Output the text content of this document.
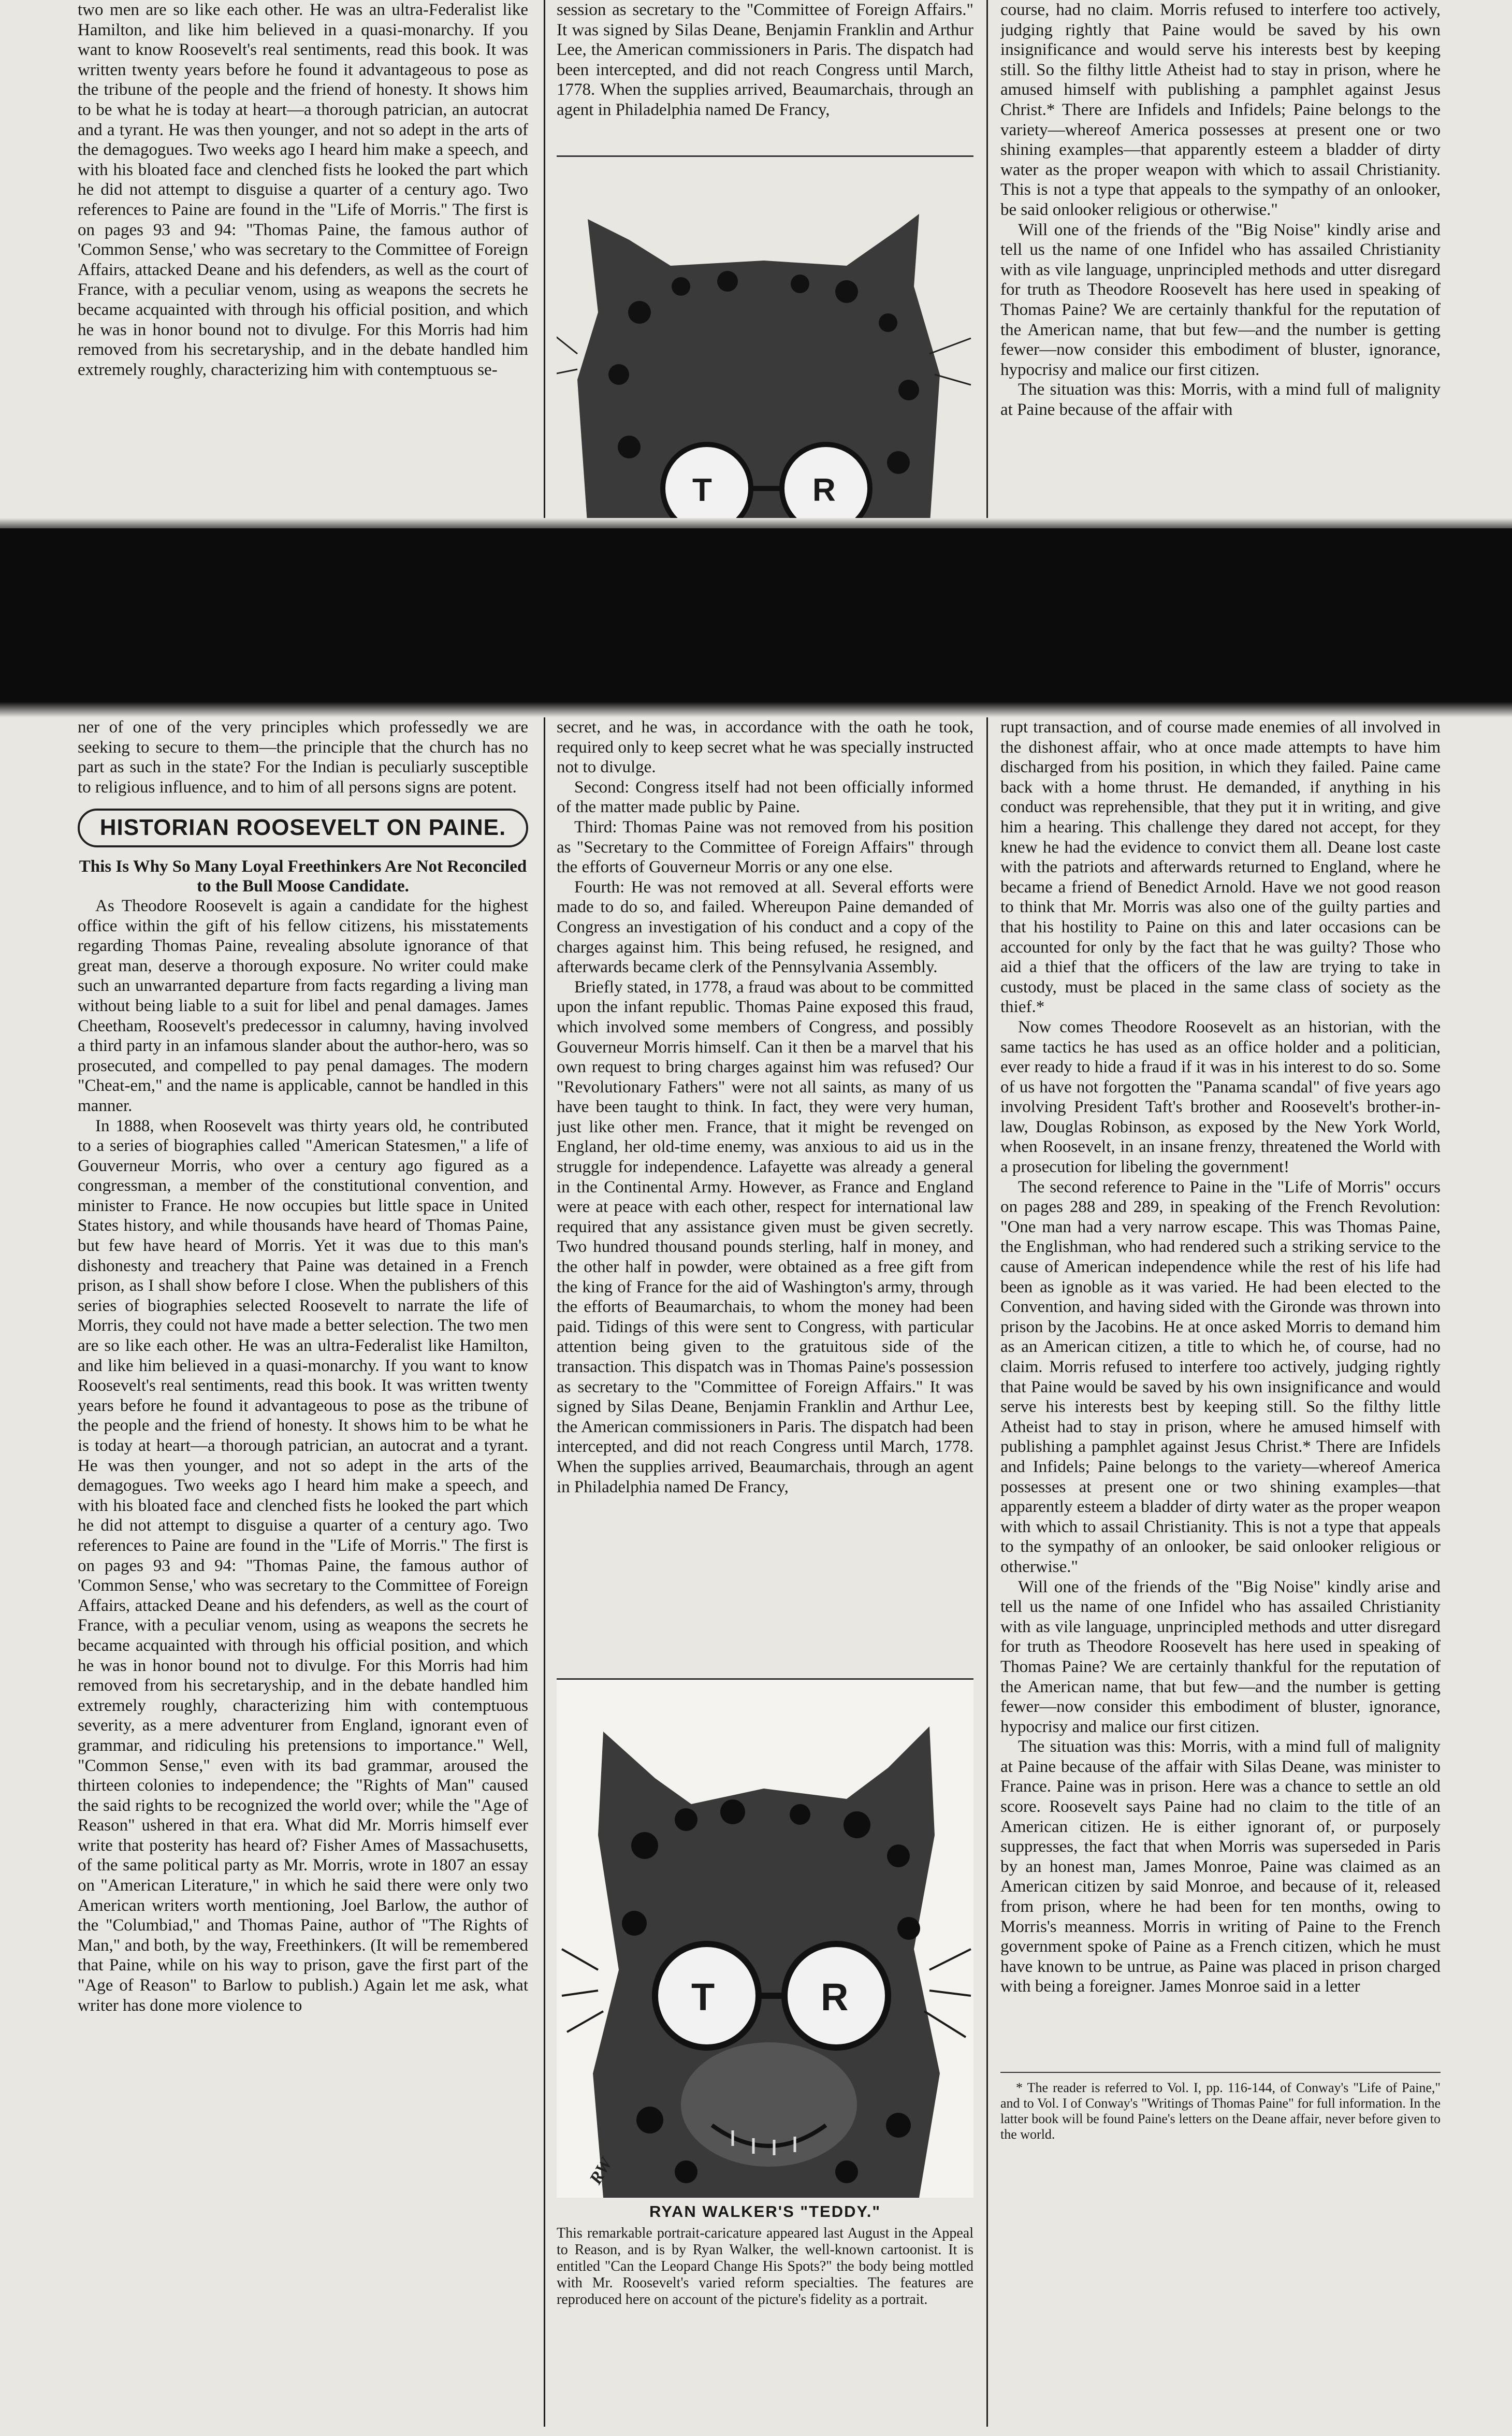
two men are so like each other. He was an ultra-Federalist like Hamilton, and like him believed in a quasi-monarchy. If you want to know Roosevelt's real sentiments, read this book. It was written twenty years before he found it advantageous to pose as the tribune of the people and the friend of honesty. It shows him to be what he is today at heart—a thorough patrician, an autocrat and a tyrant. He was then younger, and not so adept in the arts of the demagogues. Two weeks ago I heard him make a speech, and with his bloated face and clenched fists he looked the part which he did not attempt to disguise a quarter of a century ago. Two references to Paine are found in the "Life of Morris." The first is on pages 93 and 94: "Thomas Paine, the famous author of 'Common Sense,' who was secretary to the Committee of Foreign Affairs, attacked Deane and his defenders, as well as the court of France, with a peculiar venom, using as weapons the secrets he became acquainted with through his official position, and which he was in honor bound not to divulge. For this Morris had him removed from his secretaryship, and in the debate handled him extremely roughly, characterizing him with contemptuous se-

session as secretary to the "Committee of Foreign Affairs." It was signed by Silas Deane, Benjamin Franklin and Arthur Lee, the American commissioners in Paris. The dispatch had been intercepted, and did not reach Congress until March, 1778. When the supplies arrived, Beaumarchais, through an agent in Philadelphia named De Francy,

course, had no claim. Morris refused to interfere too actively, judging rightly that Paine would be saved by his own insignificance and would serve his interests best by keeping still. So the filthy little Atheist had to stay in prison, where he amused himself with publishing a pamphlet against Jesus Christ.* There are Infidels and Infidels; Paine belongs to the variety—whereof America possesses at present one or two shining examples—that apparently esteem a bladder of dirty water as the proper weapon with which to assail Christianity. This is not a type that appeals to the sympathy of an onlooker, be said onlooker religious or otherwise."

Will one of the friends of the "Big Noise" kindly arise and tell us the name of one Infidel who has assailed Christianity with as vile language, unprincipled methods and utter disregard for truth as Theodore Roosevelt has here used in speaking of Thomas Paine? We are certainly thankful for the reputation of the American name, that but few—and the number is getting fewer—now consider this embodiment of bluster, ignorance, hypocrisy and malice our first citizen.

The situation was this: Morris, with a mind full of malignity at Paine because of the affair with

T	R

ner of one of the very principles which professedly we are seeking to secure to them—the principle that the church has no part as such in the state? For the Indian is peculiarly susceptible to religious influence, and to him of all persons signs are potent.

HISTORIAN ROOSEVELT ON PAINE.

This Is Why So Many Loyal Freethinkers Are Not Reconciled to the Bull Moose Candidate.

As Theodore Roosevelt is again a candidate for the highest office within the gift of his fellow citizens, his misstatements regarding Thomas Paine, revealing absolute ignorance of that great man, deserve a thorough exposure. No writer could make such an unwarranted departure from facts regarding a living man without being liable to a suit for libel and penal damages. James Cheetham, Roosevelt's predecessor in calumny, having involved a third party in an infamous slander about the author-hero, was so prosecuted, and compelled to pay penal damages. The modern "Cheat-em," and the name is applicable, cannot be handled in this manner.

In 1888, when Roosevelt was thirty years old, he contributed to a series of biographies called "American Statesmen," a life of Gouverneur Morris, who over a century ago figured as a congressman, a member of the constitutional convention, and minister to France. He now occupies but little space in United States history, and while thousands have heard of Thomas Paine, but few have heard of Morris. Yet it was due to this man's dishonesty and treachery that Paine was detained in a French prison, as I shall show before I close. When the publishers of this series of biographies selected Roosevelt to narrate the life of Morris, they could not have made a better selection. The two men are so like each other. He was an ultra-Federalist like Hamilton, and like him believed in a quasi-monarchy. If you want to know Roosevelt's real sentiments, read this book. It was written twenty years before he found it advantageous to pose as the tribune of the people and the friend of honesty. It shows him to be what he is today at heart—a thorough patrician, an autocrat and a tyrant. He was then younger, and not so adept in the arts of the demagogues. Two weeks ago I heard him make a speech, and with his bloated face and clenched fists he looked the part which he did not attempt to disguise a quarter of a century ago. Two references to Paine are found in the "Life of Morris." The first is on pages 93 and 94: "Thomas Paine, the famous author of 'Common Sense,' who was secretary to the Committee of Foreign Affairs, attacked Deane and his defenders, as well as the court of France, with a peculiar venom, using as weapons the secrets he became acquainted with through his official position, and which he was in honor bound not to divulge. For this Morris had him removed from his secretaryship, and in the debate handled him extremely roughly, characterizing him with contemptuous severity, as a mere adventurer from England, ignorant even of grammar, and ridiculing his pretensions to importance." Well, "Common Sense," even with its bad grammar, aroused the thirteen colonies to independence; the "Rights of Man" caused the said rights to be recognized the world over; while the "Age of Reason" ushered in that era. What did Mr. Morris himself ever write that posterity has heard of? Fisher Ames of Massachusetts, of the same political party as Mr. Morris, wrote in 1807 an essay on "American Literature," in which he said there were only two American writers worth mentioning, Joel Barlow, the author of the "Columbiad," and Thomas Paine, author of "The Rights of Man," and both, by the way, Freethinkers. (It will be remembered that Paine, while on his way to prison, gave the first part of the "Age of Reason" to Barlow to publish.) Again let me ask, what writer has done more violence to

secret, and he was, in accordance with the oath he took, required only to keep secret what he was specially instructed not to divulge.

Second: Congress itself had not been officially informed of the matter made public by Paine.

Third: Thomas Paine was not removed from his position as "Secretary to the Committee of Foreign Affairs" through the efforts of Gouverneur Morris or any one else.

Fourth: He was not removed at all. Several efforts were made to do so, and failed. Whereupon Paine demanded of Congress an investigation of his conduct and a copy of the charges against him. This being refused, he resigned, and afterwards became clerk of the Pennsylvania Assembly.

Briefly stated, in 1778, a fraud was about to be committed upon the infant republic. Thomas Paine exposed this fraud, which involved some members of Congress, and possibly Gouverneur Morris himself. Can it then be a marvel that his own request to bring charges against him was refused? Our "Revolutionary Fathers" were not all saints, as many of us have been taught to think. In fact, they were very human, just like other men. France, that it might be revenged on England, her old-time enemy, was anxious to aid us in the struggle for independence. Lafayette was already a general in the Continental Army. However, as France and England were at peace with each other, respect for international law required that any assistance given must be given secretly. Two hundred thousand pounds sterling, half in money, and the other half in powder, were obtained as a free gift from the king of France for the aid of Washington's army, through the efforts of Beaumarchais, to whom the money had been paid. Tidings of this were sent to Congress, with particular attention being given to the gratuitous side of the transaction. This dispatch was in Thomas Paine's possession as secretary to the "Committee of Foreign Affairs." It was signed by Silas Deane, Benjamin Franklin and Arthur Lee, the American commissioners in Paris. The dispatch had been intercepted, and did not reach Congress until March, 1778. When the supplies arrived, Beaumarchais, through an agent in Philadelphia named De Francy,

T	R
RW
RYAN WALKER'S "TEDDY."
This remarkable portrait-caricature appeared last August in the Appeal to Reason, and is by Ryan Walker, the well-known cartoonist. It is entitled "Can the Leopard Change His Spots?" the body being mottled with Mr. Roosevelt's varied reform specialties. The features are reproduced here on account of the picture's fidelity as a portrait.

rupt transaction, and of course made enemies of all involved in the dishonest affair, who at once made attempts to have him discharged from his position, in which they failed. Paine came back with a home thrust. He demanded, if anything in his conduct was reprehensible, that they put it in writing, and give him a hearing. This challenge they dared not accept, for they knew he had the evidence to convict them all. Deane lost caste with the patriots and afterwards returned to England, where he became a friend of Benedict Arnold. Have we not good reason to think that Mr. Morris was also one of the guilty parties and that his hostility to Paine on this and later occasions can be accounted for only by the fact that he was guilty? Those who aid a thief that the officers of the law are trying to take in custody, must be placed in the same class of society as the thief.*

Now comes Theodore Roosevelt as an historian, with the same tactics he has used as an office holder and a politician, ever ready to hide a fraud if it was in his interest to do so. Some of us have not forgotten the "Panama scandal" of five years ago involving President Taft's brother and Roosevelt's brother-in-law, Douglas Robinson, as exposed by the New York World, when Roosevelt, in an insane frenzy, threatened the World with a prosecution for libeling the government!

The second reference to Paine in the "Life of Morris" occurs on pages 288 and 289, in speaking of the French Revolution: "One man had a very narrow escape. This was Thomas Paine, the Englishman, who had rendered such a striking service to the cause of American independence while the rest of his life had been as ignoble as it was varied. He had been elected to the Convention, and having sided with the Gironde was thrown into prison by the Jacobins. He at once asked Morris to demand him as an American citizen, a title to which he, of course, had no claim. Morris refused to interfere too actively, judging rightly that Paine would be saved by his own insignificance and would serve his interests best by keeping still. So the filthy little Atheist had to stay in prison, where he amused himself with publishing a pamphlet against Jesus Christ.* There are Infidels and Infidels; Paine belongs to the variety—whereof America possesses at present one or two shining examples—that apparently esteem a bladder of dirty water as the proper weapon with which to assail Christianity. This is not a type that appeals to the sympathy of an onlooker, be said onlooker religious or otherwise."

Will one of the friends of the "Big Noise" kindly arise and tell us the name of one Infidel who has assailed Christianity with as vile language, unprincipled methods and utter disregard for truth as Theodore Roosevelt has here used in speaking of Thomas Paine? We are certainly thankful for the reputation of the American name, that but few—and the number is getting fewer—now consider this embodiment of bluster, ignorance, hypocrisy and malice our first citizen.

The situation was this: Morris, with a mind full of malignity at Paine because of the affair with Silas Deane, was minister to France. Paine was in prison. Here was a chance to settle an old score. Roosevelt says Paine had no claim to the title of an American citizen. He is either ignorant of, or purposely suppresses, the fact that when Morris was superseded in Paris by an honest man, James Monroe, Paine was claimed as an American citizen by said Monroe, and because of it, released from prison, where he had been for ten months, owing to Morris's meanness. Morris in writing of Paine to the French government spoke of Paine as a French citizen, which he must have known to be untrue, as Paine was placed in prison charged with being a foreigner. James Monroe said in a letter

* The reader is referred to Vol. I, pp. 116-144, of Conway's "Life of Paine," and to Vol. I of Conway's "Writings of Thomas Paine" for full information. In the latter book will be found Paine's letters on the Deane affair, never before given to the world.
